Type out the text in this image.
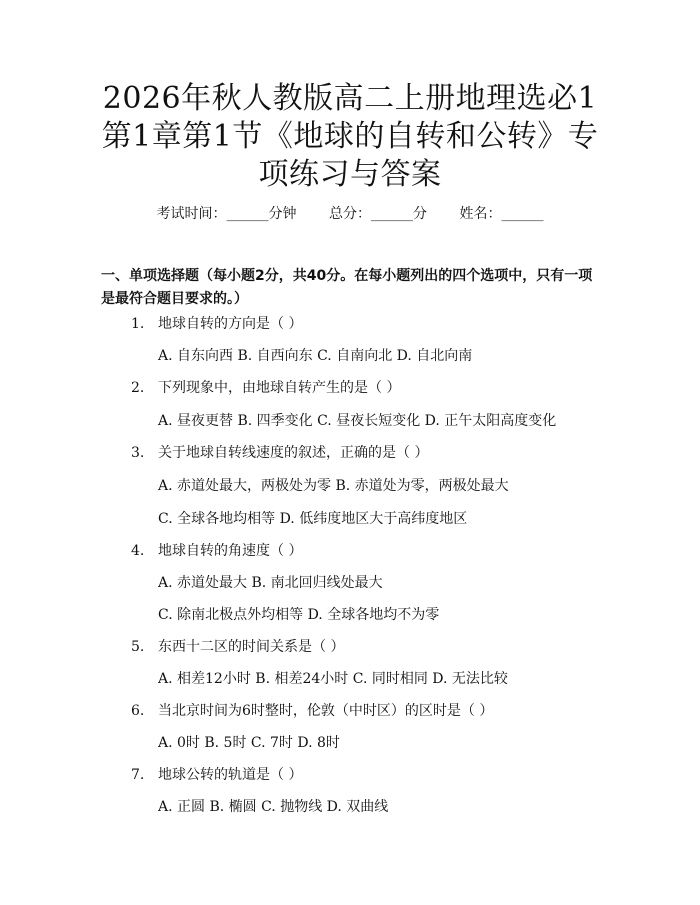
2026年秋人教版高二上册地理选必1第1章第1节《地球的自转和公转》专项练习与答案
考试时间：______分钟 总分：______分 姓名：______
一、单项选择题（每小题2分，共40分。在每小题列出的四个选项中，只有一项是最符合题目要求的。）
1. 地球自转的方向是（ ）
A. 自东向西 B. 自西向东 C. 自南向北 D. 自北向南
2. 下列现象中，由地球自转产生的是（ ）
A. 昼夜更替 B. 四季变化 C. 昼夜长短变化 D. 正午太阳高度变化
3. 关于地球自转线速度的叙述，正确的是（ ）
A. 赤道处最大，两极处为零 B. 赤道处为零，两极处最大
C. 全球各地均相等 D. 低纬度地区大于高纬度地区
4. 地球自转的角速度（ ）
A. 赤道处最大 B. 南北回归线处最大
C. 除南北极点外均相等 D. 全球各地均不为零
5. 东西十二区的时间关系是（ ）
A. 相差12小时 B. 相差24小时 C. 同时相同 D. 无法比较
6. 当北京时间为6时整时，伦敦（中时区）的区时是（ ）
A. 0时 B. 5时 C. 7时 D. 8时
7. 地球公转的轨道是（ ）
A. 正圆 B. 椭圆 C. 抛物线 D. 双曲线
